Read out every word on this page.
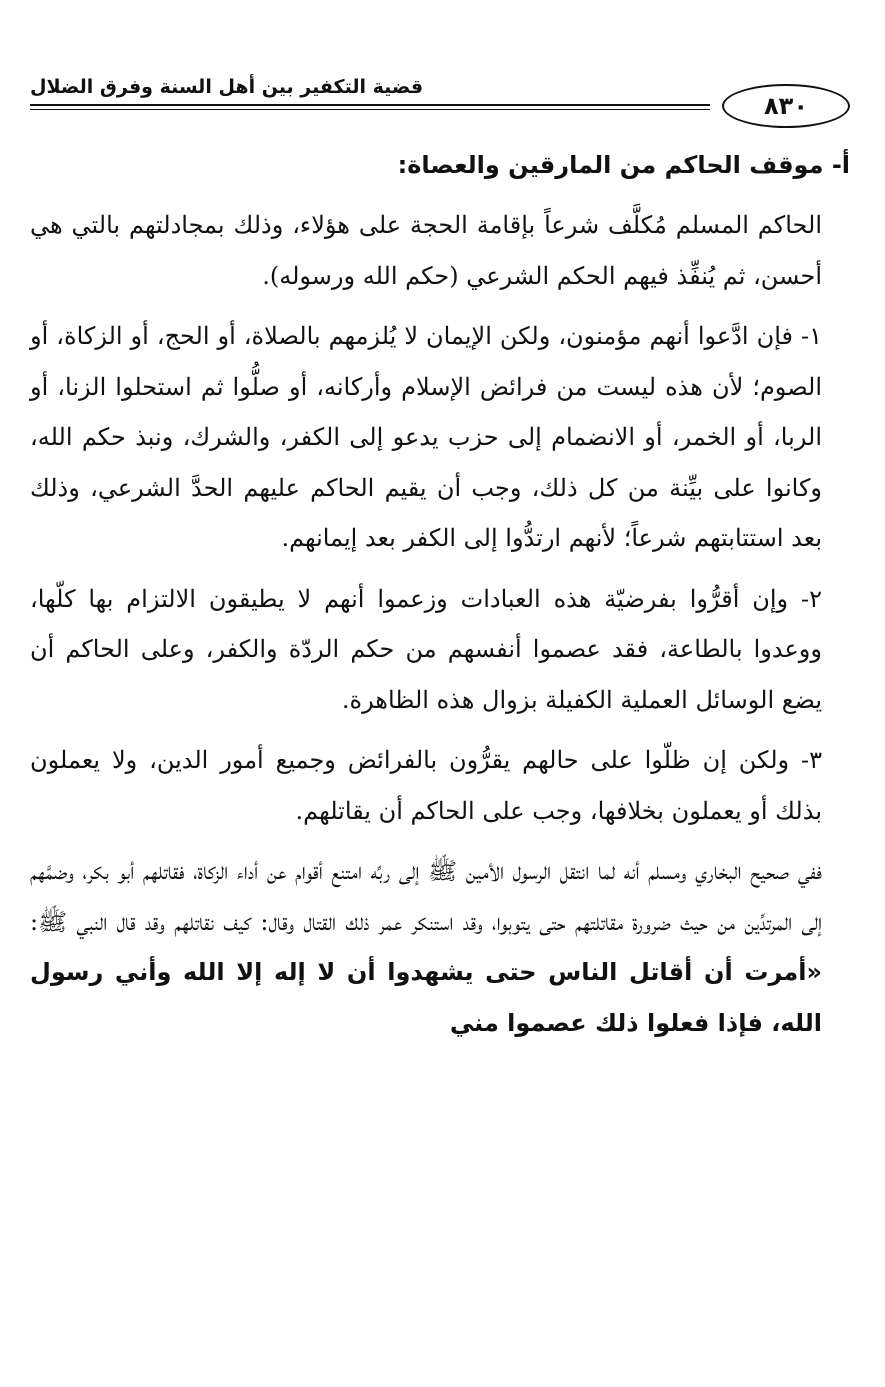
قضية التكفير بين أهل السنة وفرق الضلال
٨٣٠
أ- موقف الحاكم من المارقين والعصاة:

الحاكم المسلم مُكلَّف شرعاً بإقامة الحجة على هؤلاء، وذلك بمجادلتهم بالتي هي أحسن، ثم يُنفِّذ فيهم الحكم الشرعي (حكم الله ورسوله).

١- فإن ادَّعوا أنهم مؤمنون، ولكن الإيمان لا يُلزمهم بالصلاة، أو الحج، أو الزكاة، أو الصوم؛ لأن هذه ليست من فرائض الإسلام وأركانه، أو صلُّوا ثم استحلوا الزنا، أو الربا، أو الخمر، أو الانضمام إلى حزب يدعو إلى الكفر، والشرك، ونبذ حكم الله، وكانوا على بيِّنة من كل ذلك، وجب أن يقيم الحاكم عليهم الحدَّ الشرعي، وذلك بعد استتابتهم شرعاً؛ لأنهم ارتدُّوا إلى الكفر بعد إيمانهم.

٢- وإن أقرُّوا بفرضيّة هذه العبادات وزعموا أنهم لا يطيقون الالتزام بها كلّها، ووعدوا بالطاعة، فقد عصموا أنفسهم من حكم الردّة والكفر، وعلى الحاكم أن يضع الوسائل العملية الكفيلة بزوال هذه الظاهرة.

٣- ولكن إن ظلّوا على حالهم يقرُّون بالفرائض وجميع أمور الدين، ولا يعملون بذلك أو يعملون بخلافها، وجب على الحاكم أن يقاتلهم.

ففي صحيح البخاري ومسلم أنه لما انتقل الرسول الأمين ﷺ إلى ربِّه امتنع أقوام عن أداء الزكاة، فقاتلهم أبو بكر، وضمَّهم إلى المرتدِّين من حيث ضرورة مقاتلتهم حتى يتوبوا، وقد استنكر عمر ذلك القتال وقال: كيف نقاتلهم وقد قال النبي ﷺ: «أمرت أن أقاتل الناس حتى يشهدوا أن لا إله إلا الله وأني رسول الله، فإذا فعلوا ذلك عصموا مني
